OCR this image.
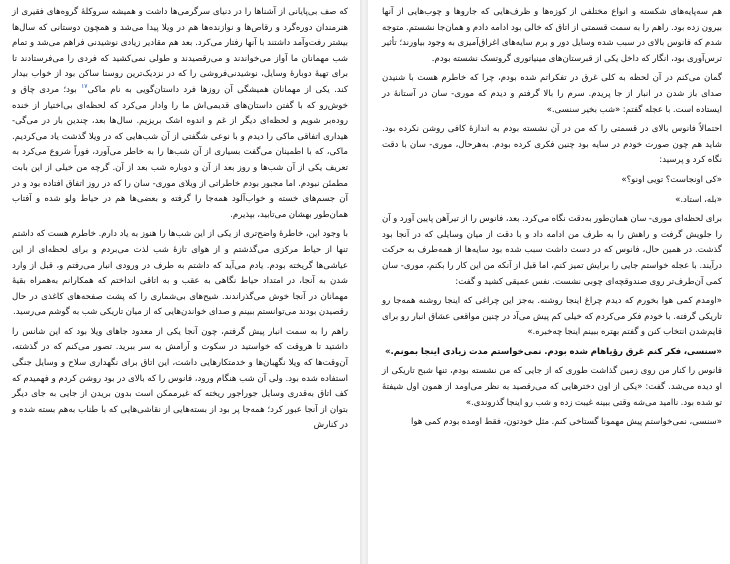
هم سه‌پایه‌های شکسته و انواع مختلفی از کوزه‌ها و ظرف‌هایی که جاروها و چوب‌هایی از آنها بیرون زده بود. راهم را به سمت قسمتی از اتاق که خالی بود ادامه دادم و همان‌جا نشستم. متوجه شدم که فانوس بالای در سبب شده وسایل دور و برم سایه‌های اغراق‌آمیزی به وجود بیاورند؛ تأثیر ترس‌آوری بود، انگار که داخل یکی از قبرستان‌های مینیاتوری گروتسک نشسته بودم.

گمان می‌کنم در آن لحظه به کلی غرق در تفکراتم شده بودم، چرا که خاطرم هست با شنیدن صدای باز شدن در انبار از جا پریدم. سرم را بالا گرفتم و دیدم که موری- سان در آستانهٔ در ایستاده است. با عجله گفتم: «شب بخیر سنسی.»

احتمالاً فانوس بالای در قسمتی را که من در آن نشسته بودم به اندازهٔ کافی روشن نکرده بود. شاید هم چون صورت خودم در سایه بود چنین فکری کرده بودم. به‌هرحال، موری- سان با دقت نگاه کرد و پرسید:

«کی اونجاست؟ تویی اونو؟»

«بله، استاد.»

برای لحظه‌ای موری- سان همان‌طور به‌دقت نگاه می‌کرد. بعد، فانوس را از تیرآهن پایین آورد و آن را جلویش گرفت و راهش را به طرف من ادامه داد و با دقت از میان وسایلی که در آنجا بود گذشت. در همین حال، فانوس که در دست داشت سبب شده بود سایه‌ها از همه‌طرف به حرکت درآیند. با عجله خواستم جایی را برایش تمیز کنم، اما قبل از آنکه من این کار را بکنم، موری- سان کمی آن‌طرف‌تر روی صندوقچه‌ای چوبی نشست. نفس عمیقی کشید و گفت:

«اومدم کمی هوا بخورم که دیدم چراغ اینجا روشنه. به‌جز این چراغی که اینجا روشنه همه‌جا رو تاریکی گرفته. با خودم فکر می‌کردم که خیلی کم پیش می‌آد در چنین مواقعی عشاق انبار رو برای قایم‌شدن انتخاب کنن و گفتم بهتره ببینم اینجا چه‌خبره.»

«سنسی، فکر کنم غرق رؤیاهام شده بودم. نمی‌خواستم مدت زیادی اینجا بمونم.»

فانوس را کنار من روی زمین گذاشت طوری که از جایی که من نشسته بودم، تنها شبح تاریکی از او دیده می‌شد. گفت: «یکی از اون دخترهایی که می‌رقصید به نظر می‌اومد از همون اول شیفتهٔ تو شده بود. ناامید می‌شه وقتی ببینه غیبت زده و شب رو اینجا گذروندی.»

«سنسی، نمی‌خواستم پیش مهمونا گستاخی کنم. مثل خودتون، فقط اومده بودم کمی هوا

که صف بی‌پایانی از آشناها را در دنیای سرگرمی‌ها داشت و همیشه سروکلهٔ گروه‌های فقیری از هنرمندان دوره‌گرد و رقاص‌ها و نوازنده‌ها هم در ویلا پیدا می‌شد و همچون دوستانی که سال‌ها بیشتر رفت‌وآمد داشتند با آنها رفتار می‌کرد. بعد هم مقادیر زیادی نوشیدنی فراهم می‌شد و تمام شب مهمانان ما آواز می‌خواندند و می‌رقصیدند و طولی نمی‌کشید که فردی را می‌فرستادند تا برای تهیهٔ دوبارهٔ وسایل، نوشیدنی‌فروشی را که در نزدیک‌ترین روستا ساکن بود از خواب بیدار کند. یکی از مهمانان همیشگی آن روزها فرد داستان‌گویی به نام ماکی$^{۱۷}$ بود؛ مردی چاق و خوش‌رو که با گفتن داستان‌های قدیمی‌اش ما را وادار می‌کرد که لحظه‌ای بی‌اختیار از خنده روده‌بر شویم و لحظه‌ای دیگر از غم و اندوه اشک بریزیم. سال‌ها بعد، چندین بار در می‌گی- هیداری اتفاقی ماکی را دیدم و با نوعی شگفتی از آن شب‌هایی که در ویلا گذشت یاد می‌کردیم. ماکی، که با اطمینان می‌گفت بسیاری از آن شب‌ها را به خاطر می‌آورد، فوراً شروع می‌کرد به تعریف یکی از آن شب‌ها و روز بعد از آن و دوباره شب بعد از آن. گرچه من خیلی از این بابت مطمئن نبودم. اما مجبور بودم خاطراتی از ویلای موری- سان را که در روز اتفاق افتاده بود و در آن جسم‌های خسته و خواب‌آلود همه‌جا را گرفته و بعضی‌ها هم در حیاط ولو شده و آفتاب همان‌طور بهشان می‌تابید، بپذیرم.

با وجود این، خاطرهٔ واضح‌تری از یکی از این شب‌ها را هنوز به یاد دارم. خاطرم هست که داشتم تنها از حیاط مرکزی می‌گذشتم و از هوای تازهٔ شب لذت می‌بردم و برای لحظه‌ای از این عیاشی‌ها گریخته بودم. یادم می‌آید که داشتم به طرف در ورودی انبار می‌رفتم و، قبل از وارد شدن به آنجا، در امتداد حیاط نگاهی به عقب و به اتاقی انداختم که همکارانم به‌همراه بقیهٔ مهمانان در آنجا خوش می‌گذراندند. شیح‌های بی‌شماری را که پشت صفحه‌های کاغذی در حال رقصیدن بودند می‌توانستم ببینم و صدای خواندن‌هایی که از میان تاریکی شب به گوشم می‌رسید.

راهم را به سمت انبار پیش گرفتم، چون آنجا یکی از معدود جاهای ویلا بود که این شانس را داشتید تا هروقت که خواستید در سکوت و آرامش به سر ببرید. تصور می‌کنم که در گذشته، آن‌وقت‌ها که ویلا نگهبان‌ها و خدمتکارهایی داشت، این اتاق برای نگهداری سلاح و وسایل جنگی استفاده شده بود. ولی آن شب هنگام ورود، فانوس را که بالای در بود روشن کردم و فهمیدم که کف اتاق به‌قدری وسایل جوراجور ریخته که غیرممکن است بدون بریدن از جایی به جای دیگر بتوان از آنجا عبور کرد؛ همه‌جا پر بود از بسته‌هایی از نقاشی‌هایی که با طناب به‌هم بسته شده و در کنارش
